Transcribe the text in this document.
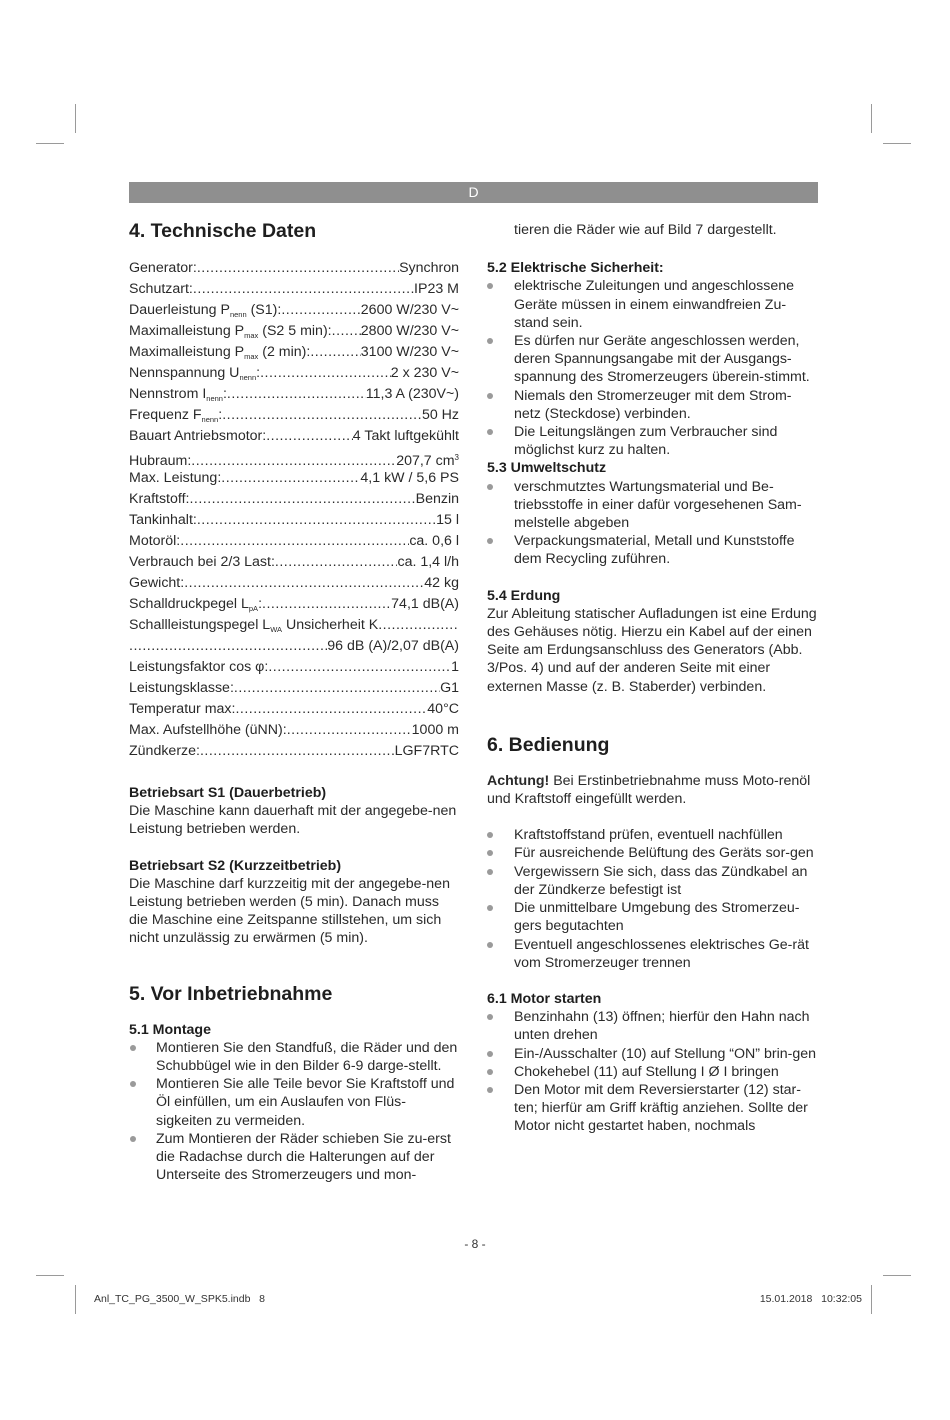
D
4. Technische Daten
Generator: .....	Synchron
Schutzart: .....	IP23 M
Dauerleistung $P_{nenn}$ (S1): .....	2600 W/230 V~
Maximalleistung $P_{max}$ (S2 5 min): ..... 2800 W/230 V~
Maximalleistung $P_{max}$ (2 min): .....	3100 W/230 V~
Nennspannung $U_{nenn}$: .....	2 x 230 V~
Nennstrom $I_{nenn}$: .....	11,3 A (230V~)
Frequenz $F_{nenn}$: .....	50 Hz
Bauart Antriebsmotor: .....	4 Takt luftgekühlt
Hubraum: .....	207,7 $cm^3$
Max. Leistung: .....	4,1 kW / 5,6 PS
Kraftstoff: .....	Benzin
Tankinhalt: .....	15 l
Motoröl: .....	ca. 0,6 l
Verbrauch bei 2/3 Last: .....	ca. 1,4 l/h
Gewicht: .....	42 kg
Schalldruckpegel $L_{pA}$: .....	74,1 dB(A)
Schallleistungspegel $L_{WA}$ Unsicherheit K
.....
.....
96 dB (A)/2,07 dB(A)
Leistungsfaktor cos φ: .....	1
Leistungsklasse: .....	G1
Temperatur max: .....	40°C
Max. Aufstellhöhe (üNN): .....	1000 m
Zündkerze: .....	LGF7RTC
Betriebsart S1 (Dauerbetrieb)

Die Maschine kann dauerhaft mit der angegebe-nen Leistung betrieben werden.

Betriebsart S2 (Kurzzeitbetrieb)

Die Maschine darf kurzzeitig mit der angegebe-nen Leistung betrieben werden (5 min). Danach muss die Maschine eine Zeitspanne stillstehen, um sich nicht unzulässig zu erwärmen (5 min).

5. Vor Inbetriebnahme
5.1 Montage
Montieren Sie den Standfuß, die Räder und den Schubbügel wie in den Bilder 6-9 darge-stellt.
Montieren Sie alle Teile bevor Sie Kraftstoff und Öl einfüllen, um ein Auslaufen von Flüs-sigkeiten zu vermeiden.
Zum Montieren der Räder schieben Sie zu-erst die Radachse durch die Halterungen auf der Unterseite des Stromerzeugers und mon-

tieren die Räder wie auf Bild 7 dargestellt.

5.2 Elektrische Sicherheit:
elektrische Zuleitungen und angeschlossene Geräte müssen in einem einwandfreien Zu-stand sein.
Es dürfen nur Geräte angeschlossen werden, deren Spannungsangabe mit der Ausgangs-spannung des Stromerzeugers überein-stimmt.
Niemals den Stromerzeuger mit dem Strom-netz (Steckdose) verbinden.
Die Leitungslängen zum Verbraucher sind möglichst kurz zu halten.
5.3 Umweltschutz
verschmutztes Wartungsmaterial und Be-triebsstoffe in einer dafür vorgesehenen Sam-melstelle abgeben
Verpackungsmaterial, Metall und Kunststoffe dem Recycling zuführen.
5.4 Erdung

Zur Ableitung statischer Aufladungen ist eine Erdung des Gehäuses nötig. Hierzu ein Kabel auf der einen Seite am Erdungsanschluss des Generators (Abb. 3/Pos. 4) und auf der anderen Seite mit einer externen Masse (z. B. Staberder) verbinden.

6. Bedienung

Achtung! Bei Erstinbetriebnahme muss Moto-renöl und Kraftstoff eingefüllt werden.

Kraftstoffstand prüfen, eventuell nachfüllen
Für ausreichende Belüftung des Geräts sor-gen
Vergewissern Sie sich, dass das Zündkabel an der Zündkerze befestigt ist
Die unmittelbare Umgebung des Stromerzeu-gers begutachten
Eventuell angeschlossenes elektrisches Ge-rät vom Stromerzeuger trennen
6.1 Motor starten
Benzinhahn (13) öffnen; hierfür den Hahn nach unten drehen
Ein-/Ausschalter (10) auf Stellung “ON” brin-gen
Chokehebel (11) auf Stellung I Ø I bringen
Den Motor mit dem Reversierstarter (12) star-ten; hierfür am Griff kräftig anziehen. Sollte der Motor nicht gestartet haben, nochmals
- 8 -
Anl_TC_PG_3500_W_SPK5.indb   8	15.01.2018   10:32:05
